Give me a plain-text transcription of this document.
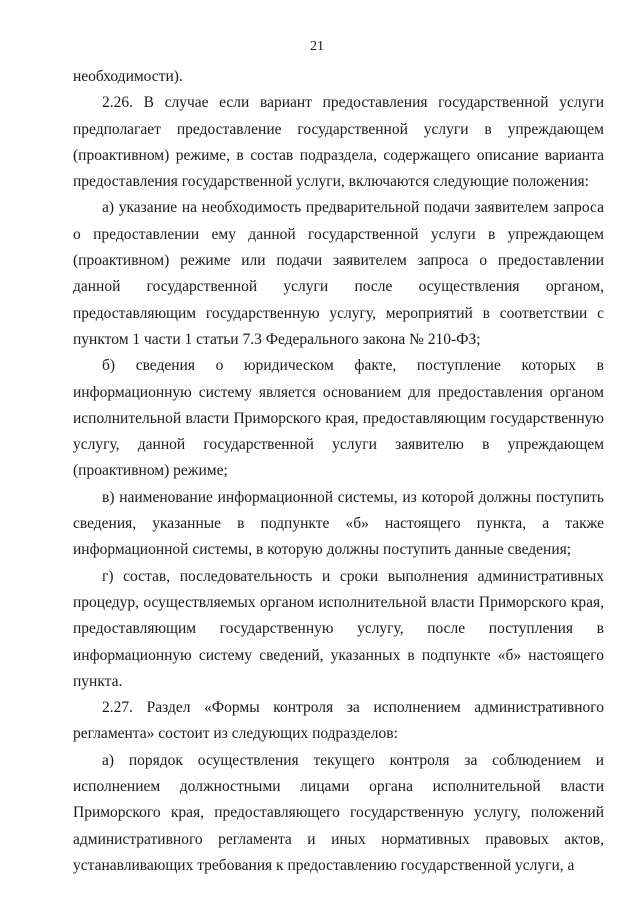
21

необходимости).

2.26. В случае если вариант предоставления государственной услуги предполагает предоставление государственной услуги в упреждающем (проактивном) режиме, в состав подраздела, содержащего описание варианта предоставления государственной услуги, включаются следующие положения:

а) указание на необходимость предварительной подачи заявителем запроса о предоставлении ему данной государственной услуги в упреждающем (проактивном) режиме или подачи заявителем запроса о предоставлении данной государственной услуги после осуществления органом, предоставляющим государственную услугу, мероприятий в соответствии с пунктом 1 части 1 статьи 7.3 Федерального закона № 210-ФЗ;

б) сведения о юридическом факте, поступление которых в информационную систему является основанием для предоставления органом исполнительной власти Приморского края, предоставляющим государственную услугу, данной государственной услуги заявителю в упреждающем (проактивном) режиме;

в) наименование информационной системы, из которой должны поступить сведения, указанные в подпункте «б» настоящего пункта, а также информационной системы, в которую должны поступить данные сведения;

г) состав, последовательность и сроки выполнения административных процедур, осуществляемых органом исполнительной власти Приморского края, предоставляющим государственную услугу, после поступления в информационную систему сведений, указанных в подпункте «б» настоящего пункта.

2.27. Раздел «Формы контроля за исполнением административного регламента» состоит из следующих подразделов:

а) порядок осуществления текущего контроля за соблюдением и исполнением должностными лицами органа исполнительной власти Приморского края, предоставляющего государственную услугу, положений административного регламента и иных нормативных правовых актов, устанавливающих требования к предоставлению государственной услуги, а
